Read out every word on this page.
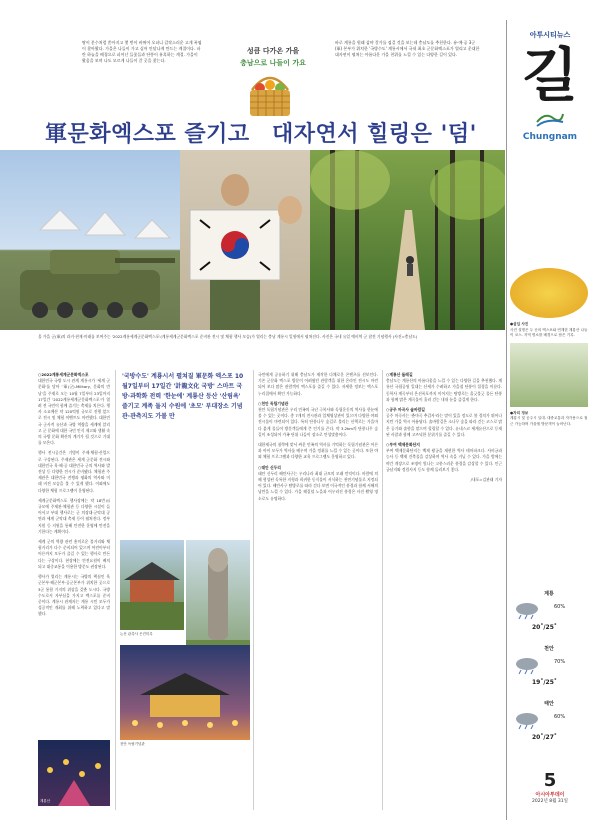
땀이 분수처럼 쏟아지고 몇 번이 바뀌어 오더니 갑작스러운 고개 폭염이 찾아왔다. 가을은 나들이 가고 싶어 안달나게 만드는 계절이다. 파란 하늘을 배경으로 피어난 들꽃들과 단풍이 유혹하는 계절. 가을이 왔음을 보며 나도 모르게 나들이 갈 곳을 찾는다.
성큼 다가온 가을
충남으로 나들이 가요
바로 계룡을 원래 삼야 갈가를 겸걸 것을 보는데 충남도를 추천한다. 유·예·공 3군(軍) 본부가 위치한 '국방수도' 계룡시에서 국내 최초 군문화엑스포가 열리고 운대한 대자연이 펼쳐는 아름다운 가을 천위를 느낄 수 있는 다양한 길이 있다.
軍문화엑스포 즐기고 대자연서 힐링은 '덤'
아투시티뉴스
길
Chungnam
올 가을 군(軍)의 과거·현재·미래를 보여주는 '2022계룡세계군문화엑스포'(계룡세계군문화엑스포 준비관 전시 및 체험 행사 모습)가 열리는 충남 계룡시 일원에서 펼쳐진다. 사진은 국내 유일 예비역 군 참전 기념행사 (사진=충남도)
○2022계룡세계군문화엑스포
대한민국 국방 도시 관계 계룡시가 '세계 군 문화'를 담아 '軍(군)-Military, 문화의 만남'을 주제로 오는 10월 7일부터 23일까지 17일간 '2022계룡세계군문화엑스포'가 열려 전 국민이 함께 즐기는 축제를 치른다. 행사 소요예산 약 120억원 규모로 진행 앞으로 전시 및 체험 이벤트도 마련했다. 대한민국 군사적 유산과 국방 역량을 세계에 알리고 군 문화에 대한 국민 인식 제고와 생활 속의 국방 문화 확산의 계기가 될 것으로 기대를 모은다.
행사 전시공간은 기병이 주제·체험·산업으로 구성된다. 주제관은 세계 군문화 전시와 대한민국 육·해·공 대한민국 군의 역사와 발전상 등 다양한 전시가 준비됐다. 체험관 주제관은 대한민국 전쟁과 평화의 역사와 미래 비전 모습을 볼 수 있게 했다. 이외에도 다양한 체험 프로그램이 운영된다.
세계군문화엑스포 행사장에는 약 18만㎡ 규모에 주제관·체험관 등 다양한 시설이 들어서고 부대 행사로는 군 의장대·군악대 공연과 세계 군악대 축제 등이 펼쳐진다. 정부 지원 등 지원을 통해 안전한 운영에 만전을 기한다는 계획이다.
세계 군의 역량 관련 흥미로운 볼거리와 체험거리가 다수 준비되어 있으며 어린이부터 어른까지 모두가 즐길 수 있는 행사로 만든다는 구상이다. 현장에는 안전요원이 배치되고 대중교통을 이용한 방문도 권장된다.
행사가 열리는 계룡시는 국방의 핵심인 육군본부·해군본부·공군본부가 위치한 곳으로 3군 통합 기지의 위상을 갖춘 도시다. 국방수도로서 자부심을 가지고 엑스포를 준비 중이다. 계룡시 관계자는 계룡 시민 모두가 성공적인 개최를 위해 노력하고 있다고 말했다.
계룡산
'국방수도' 계룡시서 펼쳐질 軍문화 엑스포 10월7일부터 17일간 '計龍文化 국방' 스마트 국방·과학화 전력 '한눈에' 계룡산 등산 '산림욕' 즐기고 계족 둘지 수원에 '초모' 부대장소 기념관·관측지도 가볼 만
논산 관촉사 은진미륵
천안 독립기념관
국민에게 공유하기 위해 충남도가 제작한 다채로운 콘텐츠를 선보인다. 기존 군문화 엑스포 방문이 어려웠던 관람객을 위한 온라인 전시도 마련되어 보다 많은 관람객이 엑스포를 즐길 수 있다. 자세한 정보는 엑스포 누리집에서 확인 가능하다.
○천안 독립기념관
천안 독립기념관은 우리 민족의 국난 극복사와 독립운동의 역사를 한눈에 볼 수 있는 곳이다. 총 7개의 전시관과 입체영상관이 있으며 다양한 야외 전시물이 마련되어 있다. 특히 단풍나무 숲길로 불리는 산책로는 가을마다 붉게 물들어 방문객들에게 큰 인기를 끈다. 약 3.2km의 단풍나무 숲길이 조성되어 가족 단위 나들이 장소로 안성맞춤이다.
대한제국의 침략에 맞서 싸운 민족의 역사를 기억하는 독립기념관은 어른과 아이 모두가 역사를 배우며 가을 정취를 느낄 수 있는 곳이다. 또한 야외 체험 프로그램과 다양한 교육 프로그램도 운영하고 있다.
○태안 신두리
태안 신두리 해안사구는 우리나라 최대 규모의 모래 언덕이다. 바람에 의해 형성된 독특한 지형과 희귀한 동식물이 서식하는 천연기념물로 지정되어 있다. 해안사구 탐방로를 따라 걷다 보면 이국적인 풍경과 함께 서해의 낭만을 느낄 수 있다. 가을 해질녘 노을과 어우러진 풍경은 사진 촬영 명소로도 유명하다.
○계룡산 둘레길
충남도는 계룡산의 아름다움을 느낄 수 있는 다양한 길을 추천했다. 계룡산 국립공원 일대는 산세가 수려하고 가을철 단풍이 절경을 이룬다. 동학사 계곡부터 은선폭포까지 이어지는 탐방로는 울긋불긋 물든 단풍과 함께 맑은 계곡물이 흘러 걷는 내내 눈을 즐겁게 한다.
○공주 마곡사 솔바람길
공주 마곡사는 '춘마곡 추갑사'라는 말이 있을 정도로 봄 경치가 뛰어나지만 가을 역시 아름답다. 솔바람길은 소나무 숲을 따라 걷는 코스로 맑은 공기와 솔향을 맡으며 힐링할 수 있다. 유네스코 세계유산으로 등재된 사찰과 함께 고즈넉한 분위기를 즐길 수 있다.
○부여 백제문화단지
부여 백제문화단지는 백제 왕궁을 재현한 역사 테마파크다. 사비궁과 능사 등 백제 건축물을 감상하며 역사 속을 거닐 수 있다. 가을 밤에는 야간 개장으로 조명이 빛나는 고풍스러운 풍경을 감상할 수 있다. 인근 궁남지와 정림사지 등도 함께 둘러보기 좋다.
/내포=김관태 기자
●삽입 사진
사진 설명은 두 곳의 엑스포와 연계한 계룡산 나들이 코스. 지역 명소를 배경으로 담은 기록.
●자리 정보
계룡시 및 공주시 일대. 대중교통과 자가용으로 접근 가능하며 가을철 방문객이 늘어난다.
계룡
60%
20˚/25˚
천안
70%
19˚/25˚
태안
60%
20˚/27˚
5
아시아투데이
2022년 8월 31일
